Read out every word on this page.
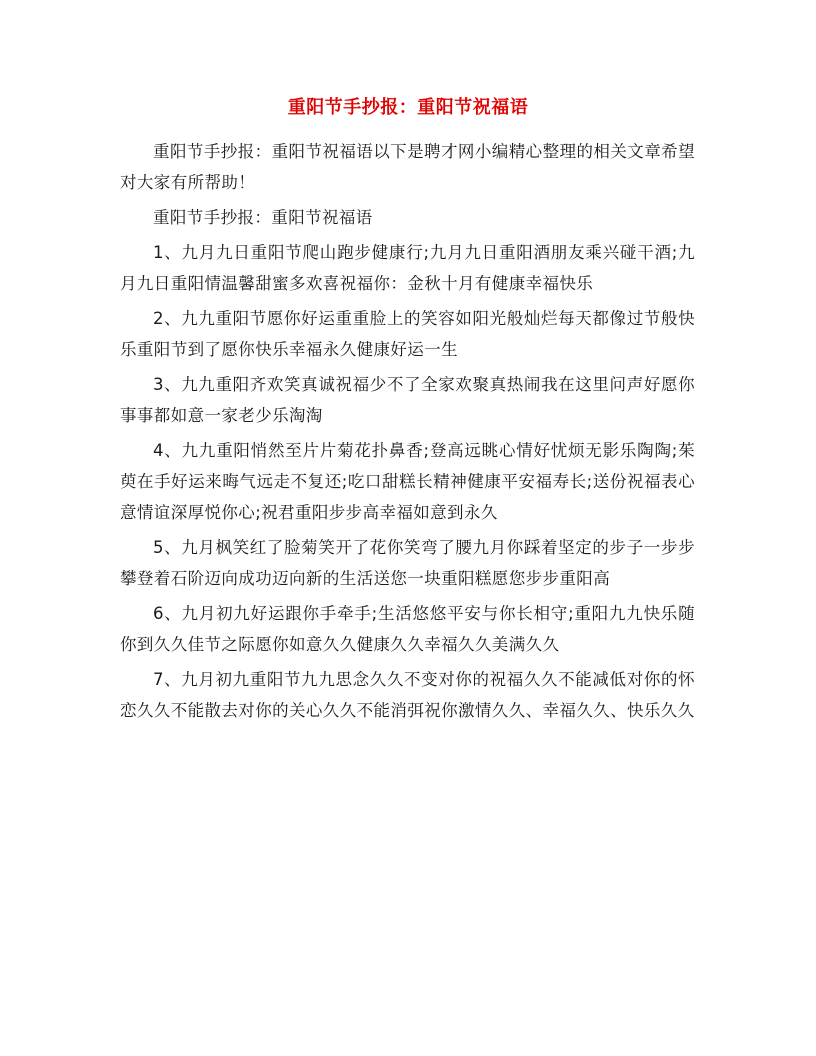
重阳节手抄报：重阳节祝福语

重阳节手抄报：重阳节祝福语以下是聘才网小编精心整理的相关文章希望对大家有所帮助！

重阳节手抄报：重阳节祝福语

1、九月九日重阳节爬山跑步健康行;九月九日重阳酒朋友乘兴碰干酒;九月九日重阳情温馨甜蜜多欢喜祝福你：金秋十月有健康幸福快乐

2、九九重阳节愿你好运重重脸上的笑容如阳光般灿烂每天都像过节般快乐重阳节到了愿你快乐幸福永久健康好运一生

3、九九重阳齐欢笑真诚祝福少不了全家欢聚真热闹我在这里问声好愿你事事都如意一家老少乐淘淘

4、九九重阳悄然至片片菊花扑鼻香;登高远眺心情好忧烦无影乐陶陶;茱萸在手好运来晦气远走不复还;吃口甜糕长精神健康平安福寿长;送份祝福表心意情谊深厚悦你心;祝君重阳步步高幸福如意到永久

5、九月枫笑红了脸菊笑开了花你笑弯了腰九月你踩着坚定的步子一步步攀登着石阶迈向成功迈向新的生活送您一块重阳糕愿您步步重阳高

6、九月初九好运跟你手牵手;生活悠悠平安与你长相守;重阳九九快乐随你到久久佳节之际愿你如意久久健康久久幸福久久美满久久

7、九月初九重阳节九九思念久久不变对你的祝福久久不能减低对你的怀恋久久不能散去对你的关心久久不能消弭祝你激情久久、幸福久久、快乐久久
